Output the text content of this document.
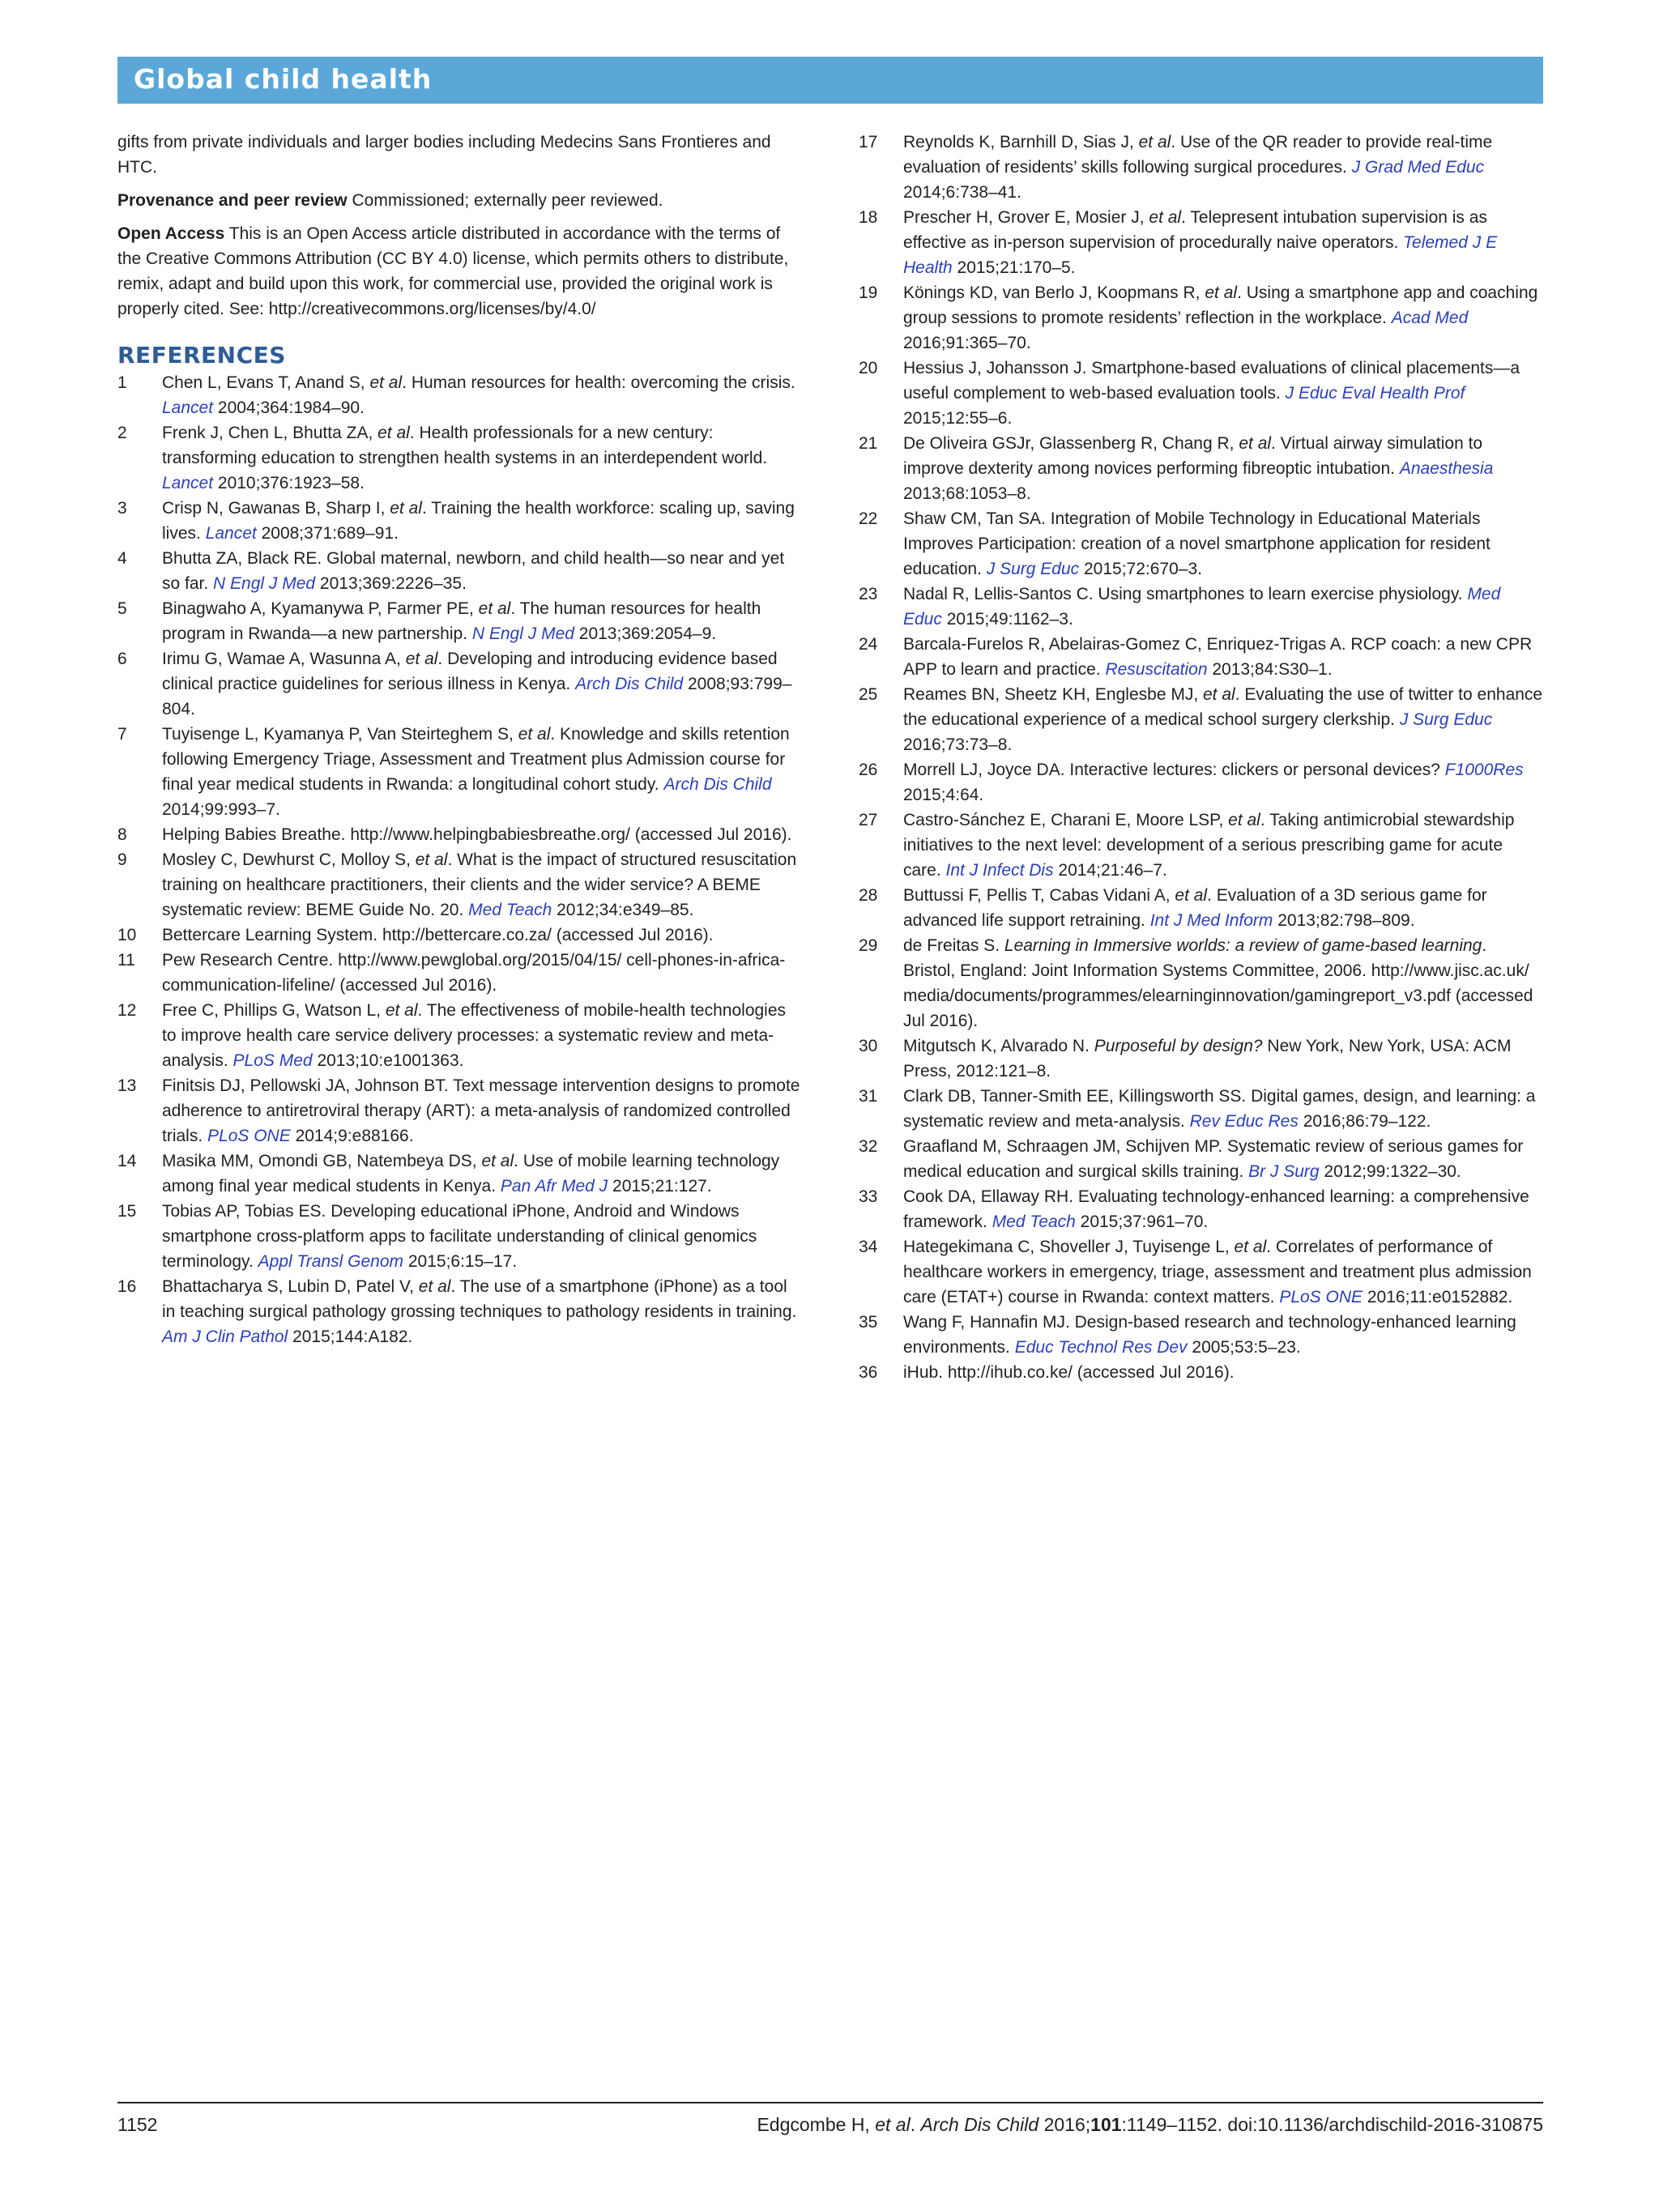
Global child health

gifts from private individuals and larger bodies including Medecins Sans Frontieres and HTC.

Provenance and peer review Commissioned; externally peer reviewed.

Open Access This is an Open Access article distributed in accordance with the terms of the Creative Commons Attribution (CC BY 4.0) license, which permits others to distribute, remix, adapt and build upon this work, for commercial use, provided the original work is properly cited. See: http://creativecommons.org/licenses/by/4.0/

REFERENCES
1	Chen L, Evans T, Anand S, et al. Human resources for health: overcoming the crisis. Lancet 2004;364:1984–90.
2	Frenk J, Chen L, Bhutta ZA, et al. Health professionals for a new century: transforming education to strengthen health systems in an interdependent world. Lancet 2010;376:1923–58.
3	Crisp N, Gawanas B, Sharp I, et al. Training the health workforce: scaling up, saving lives. Lancet 2008;371:689–91.
4	Bhutta ZA, Black RE. Global maternal, newborn, and child health—so near and yet so far. N Engl J Med 2013;369:2226–35.
5	Binagwaho A, Kyamanywa P, Farmer PE, et al. The human resources for health program in Rwanda—a new partnership. N Engl J Med 2013;369:2054–9.
6	Irimu G, Wamae A, Wasunna A, et al. Developing and introducing evidence based clinical practice guidelines for serious illness in Kenya. Arch Dis Child 2008;93:799–804.
7	Tuyisenge L, Kyamanya P, Van Steirteghem S, et al. Knowledge and skills retention following Emergency Triage, Assessment and Treatment plus Admission course for final year medical students in Rwanda: a longitudinal cohort study. Arch Dis Child 2014;99:993–7.
8	Helping Babies Breathe. http://www.helpingbabiesbreathe.org/ (accessed Jul 2016).
9	Mosley C, Dewhurst C, Molloy S, et al. What is the impact of structured resuscitation training on healthcare practitioners, their clients and the wider service? A BEME systematic review: BEME Guide No. 20. Med Teach 2012;34:e349–85.
10	Bettercare Learning System. http://bettercare.co.za/ (accessed Jul 2016).
11	Pew Research Centre. http://www.pewglobal.org/2015/04/15/ cell-phones-in-africa-communication-lifeline/ (accessed Jul 2016).
12	Free C, Phillips G, Watson L, et al. The effectiveness of mobile-health technologies to improve health care service delivery processes: a systematic review and meta-analysis. PLoS Med 2013;10:e1001363.
13	Finitsis DJ, Pellowski JA, Johnson BT. Text message intervention designs to promote adherence to antiretroviral therapy (ART): a meta-analysis of randomized controlled trials. PLoS ONE 2014;9:e88166.
14	Masika MM, Omondi GB, Natembeya DS, et al. Use of mobile learning technology among final year medical students in Kenya. Pan Afr Med J 2015;21:127.
15	Tobias AP, Tobias ES. Developing educational iPhone, Android and Windows smartphone cross-platform apps to facilitate understanding of clinical genomics terminology. Appl Transl Genom 2015;6:15–17.
16	Bhattacharya S, Lubin D, Patel V, et al. The use of a smartphone (iPhone) as a tool in teaching surgical pathology grossing techniques to pathology residents in training. Am J Clin Pathol 2015;144:A182.
17	Reynolds K, Barnhill D, Sias J, et al. Use of the QR reader to provide real-time evaluation of residents’ skills following surgical procedures. J Grad Med Educ 2014;6:738–41.
18	Prescher H, Grover E, Mosier J, et al. Telepresent intubation supervision is as effective as in-person supervision of procedurally naive operators. Telemed J E Health 2015;21:170–5.
19	Könings KD, van Berlo J, Koopmans R, et al. Using a smartphone app and coaching group sessions to promote residents’ reflection in the workplace. Acad Med 2016;91:365–70.
20	Hessius J, Johansson J. Smartphone-based evaluations of clinical placements—a useful complement to web-based evaluation tools. J Educ Eval Health Prof 2015;12:55–6.
21	De Oliveira GSJr, Glassenberg R, Chang R, et al. Virtual airway simulation to improve dexterity among novices performing fibreoptic intubation. Anaesthesia 2013;68:1053–8.
22	Shaw CM, Tan SA. Integration of Mobile Technology in Educational Materials Improves Participation: creation of a novel smartphone application for resident education. J Surg Educ 2015;72:670–3.
23	Nadal R, Lellis-Santos C. Using smartphones to learn exercise physiology. Med Educ 2015;49:1162–3.
24	Barcala-Furelos R, Abelairas-Gomez C, Enriquez-Trigas A. RCP coach: a new CPR APP to learn and practice. Resuscitation 2013;84:S30–1.
25	Reames BN, Sheetz KH, Englesbe MJ, et al. Evaluating the use of twitter to enhance the educational experience of a medical school surgery clerkship. J Surg Educ 2016;73:73–8.
26	Morrell LJ, Joyce DA. Interactive lectures: clickers or personal devices? F1000Res 2015;4:64.
27	Castro-Sánchez E, Charani E, Moore LSP, et al. Taking antimicrobial stewardship initiatives to the next level: development of a serious prescribing game for acute care. Int J Infect Dis 2014;21:46–7.
28	Buttussi F, Pellis T, Cabas Vidani A, et al. Evaluation of a 3D serious game for advanced life support retraining. Int J Med Inform 2013;82:798–809.
29	de Freitas S. Learning in Immersive worlds: a review of game-based learning. Bristol, England: Joint Information Systems Committee, 2006. http://www.jisc.ac.uk/ media/documents/programmes/elearninginnovation/gamingreport_v3.pdf (accessed Jul 2016).
30	Mitgutsch K, Alvarado N. Purposeful by design? New York, New York, USA: ACM Press, 2012:121–8.
31	Clark DB, Tanner-Smith EE, Killingsworth SS. Digital games, design, and learning: a systematic review and meta-analysis. Rev Educ Res 2016;86:79–122.
32	Graafland M, Schraagen JM, Schijven MP. Systematic review of serious games for medical education and surgical skills training. Br J Surg 2012;99:1322–30.
33	Cook DA, Ellaway RH. Evaluating technology-enhanced learning: a comprehensive framework. Med Teach 2015;37:961–70.
34	Hategekimana C, Shoveller J, Tuyisenge L, et al. Correlates of performance of healthcare workers in emergency, triage, assessment and treatment plus admission care (ETAT+) course in Rwanda: context matters. PLoS ONE 2016;11:e0152882.
35	Wang F, Hannafin MJ. Design-based research and technology-enhanced learning environments. Educ Technol Res Dev 2005;53:5–23.
36	iHub. http://ihub.co.ke/ (accessed Jul 2016).
1152	Edgcombe H, et al. Arch Dis Child 2016;101:1149–1152. doi:10.1136/archdischild-2016-310875
